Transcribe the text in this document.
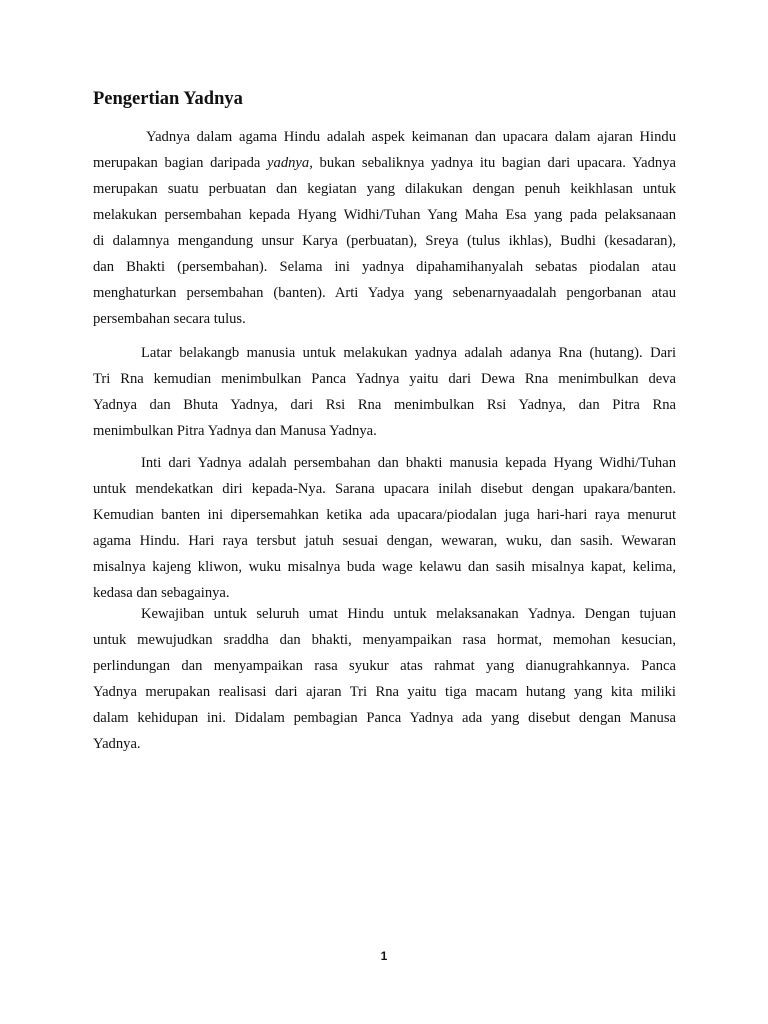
Pengertian Yadnya
Yadnya dalam agama Hindu adalah aspek keimanan dan upacara dalam ajaran Hindu
merupakan bagian daripada yadnya, bukan sebaliknya yadnya itu bagian dari upacara. Yadnya
merupakan suatu perbuatan dan kegiatan yang dilakukan dengan penuh keikhlasan untuk
melakukan persembahan kepada Hyang Widhi/Tuhan Yang Maha Esa yang pada pelaksanaan
di dalamnya mengandung unsur Karya (perbuatan), Sreya (tulus ikhlas), Budhi (kesadaran),
dan Bhakti (persembahan). Selama ini yadnya dipahamihanyalah sebatas piodalan atau
menghaturkan persembahan (banten). Arti Yadya yang sebenarnyaadalah pengorbanan atau
persembahan secara tulus.
Latar belakangb manusia untuk melakukan yadnya adalah adanya Rna (hutang). Dari
Tri Rna kemudian menimbulkan Panca Yadnya yaitu dari Dewa Rna menimbulkan deva
Yadnya dan Bhuta Yadnya, dari Rsi Rna menimbulkan Rsi Yadnya, dan Pitra Rna
menimbulkan Pitra Yadnya dan Manusa Yadnya.
Inti dari Yadnya adalah persembahan dan bhakti manusia kepada Hyang Widhi/Tuhan
untuk mendekatkan diri kepada-Nya. Sarana upacara inilah disebut dengan upakara/banten.
Kemudian banten ini dipersemahkan ketika ada upacara/piodalan juga hari-hari raya menurut
agama Hindu. Hari raya tersbut jatuh sesuai dengan, wewaran, wuku, dan sasih. Wewaran
misalnya kajeng kliwon, wuku misalnya buda wage kelawu dan sasih misalnya kapat, kelima,
kedasa dan sebagainya.
Kewajiban untuk seluruh umat Hindu untuk melaksanakan Yadnya. Dengan tujuan
untuk mewujudkan sraddha dan bhakti, menyampaikan rasa hormat, memohan kesucian,
perlindungan dan menyampaikan rasa syukur atas rahmat yang dianugrahkannya. Panca
Yadnya merupakan realisasi dari ajaran Tri Rna yaitu tiga macam hutang yang kita miliki
dalam kehidupan ini. Didalam pembagian Panca Yadnya ada yang disebut dengan Manusa
Yadnya.
1
